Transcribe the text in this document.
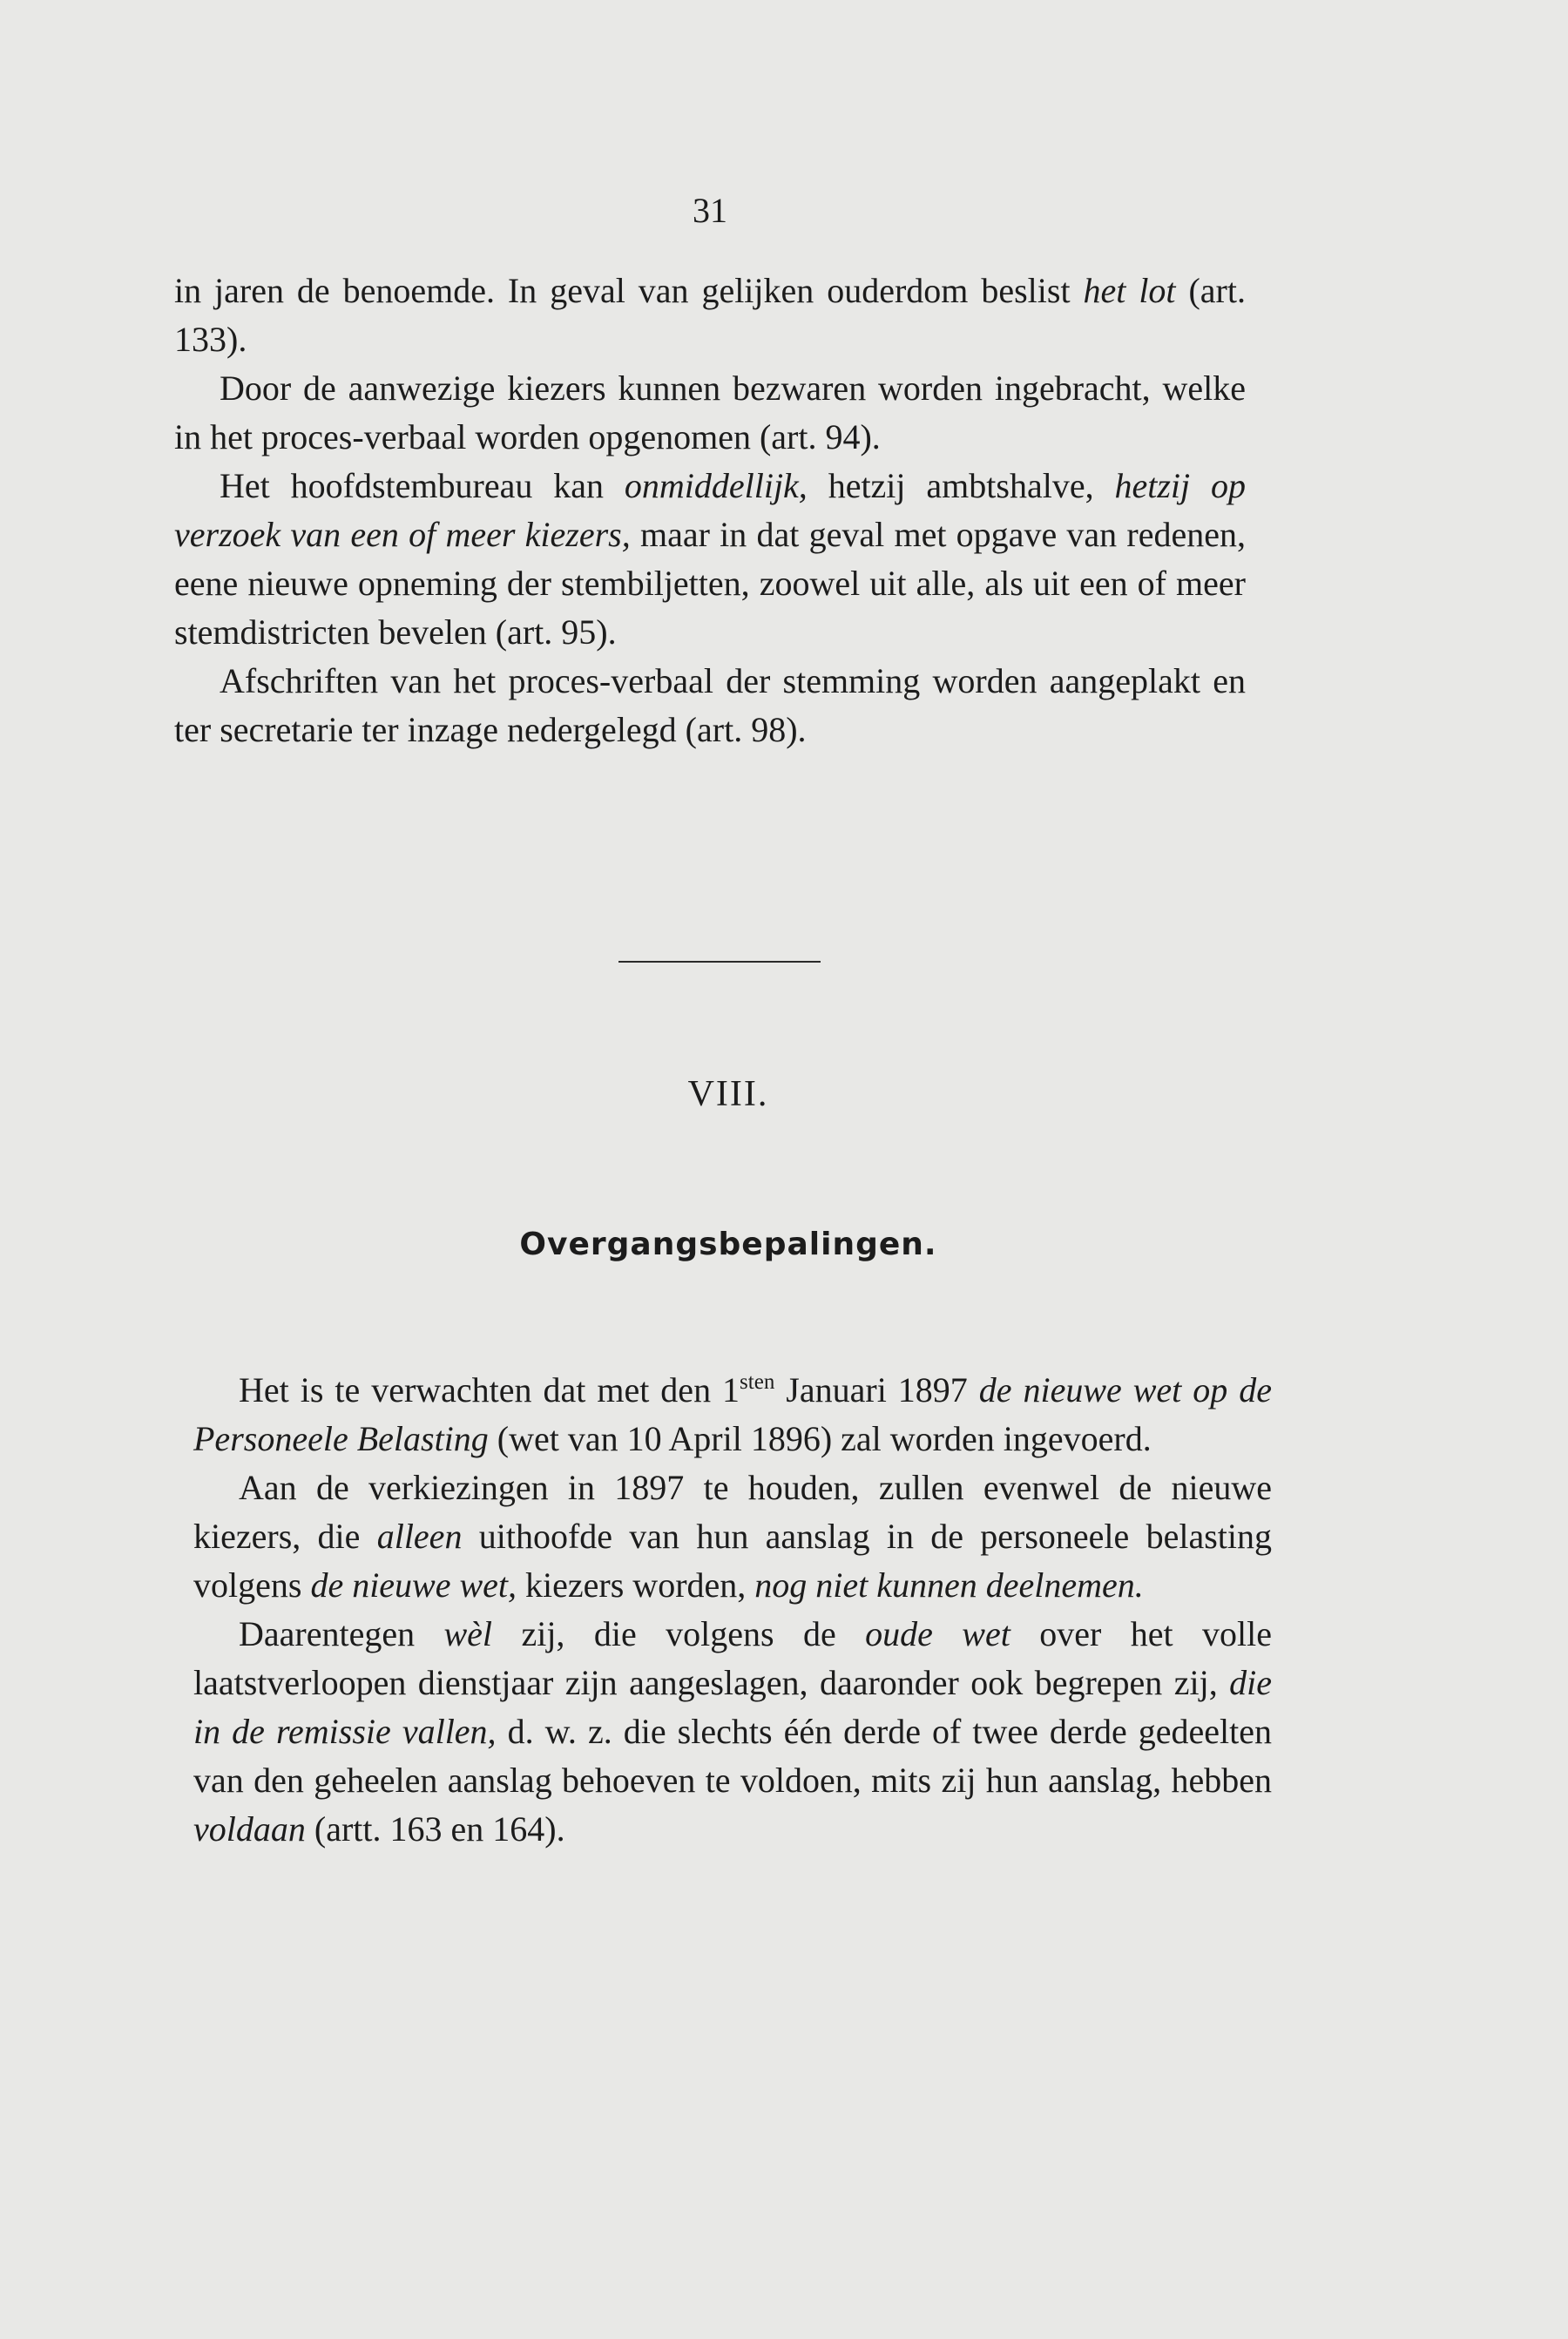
31

in jaren de benoemde. In geval van gelijken ouderdom beslist het lot (art. 133).

Door de aanwezige kiezers kunnen bezwaren worden ingebracht, welke in het proces-verbaal worden opgenomen (art. 94).

Het hoofdstembureau kan onmiddellijk, hetzij ambtshalve, hetzij op verzoek van een of meer kiezers, maar in dat geval met opgave van redenen, eene nieuwe opneming der stembiljetten, zoowel uit alle, als uit een of meer stemdistricten bevelen (art. 95).

Afschriften van het proces-verbaal der stemming worden aangeplakt en ter secretarie ter inzage nedergelegd (art. 98).

VIII.
Overgangsbepalingen.

Het is te verwachten dat met den $1^{sten}$ Januari 1897 de nieuwe wet op de Personeele Belasting (wet van 10 April 1896) zal worden ingevoerd.

Aan de verkiezingen in 1897 te houden, zullen evenwel de nieuwe kiezers, die alleen uithoofde van hun aanslag in de personeele belasting volgens de nieuwe wet, kiezers worden, nog niet kunnen deelnemen.

Daarentegen wèl zij, die volgens de oude wet over het volle laatstverloopen dienstjaar zijn aangeslagen, daaronder ook begrepen zij, die in de remissie vallen, d. w. z. die slechts één derde of twee derde gedeelten van den geheelen aanslag behoeven te voldoen, mits zij hun aanslag, hebben voldaan (artt. 163 en 164).
